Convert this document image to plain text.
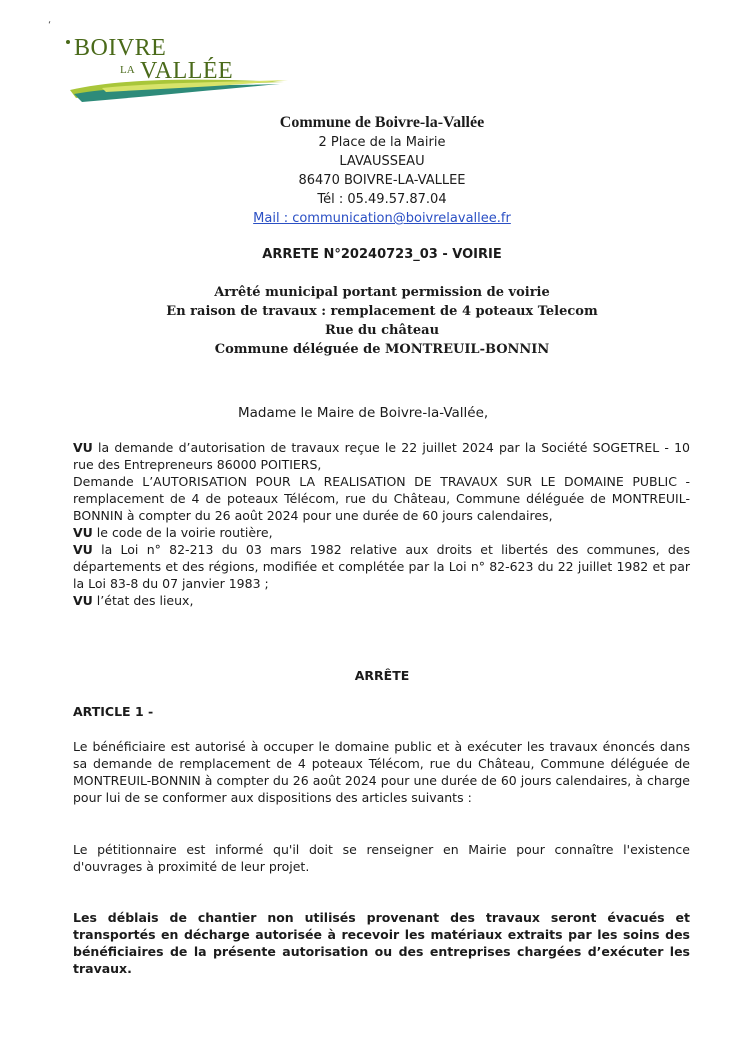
‘
BOIVRE
LA VALLÉE
Commune de Boivre-la-Vallée
2 Place de la Mairie
LAVAUSSEAU
86470 BOIVRE-LA-VALLEE
Tél : 05.49.57.87.04
Mail : communication@boivrelavallee.fr
ARRETE N°20240723_03 - VOIRIE
Arrêté municipal portant permission de voirie
En raison de travaux : remplacement de 4 poteaux Telecom
Rue du château
Commune déléguée de MONTREUIL-BONNIN
Madame le Maire de Boivre-la-Vallée,

VU la demande d’autorisation de travaux reçue le 22 juillet 2024 par la Société SOGETREL - 10 rue des Entrepreneurs 86000 POITIERS,

Demande L’AUTORISATION POUR LA REALISATION DE TRAVAUX SUR LE DOMAINE PUBLIC - remplacement de 4 de poteaux Télécom, rue du Château, Commune déléguée de MONTREUIL-BONNIN à compter du 26 août 2024 pour une durée de 60 jours calendaires,

VU le code de la voirie routière,

VU la Loi n° 82-213 du 03 mars 1982 relative aux droits et libertés des communes, des départements et des régions, modifiée et complétée par la Loi n° 82-623 du 22 juillet 1982 et par la Loi 83-8 du 07 janvier 1983 ;

VU l’état des lieux,

ARRÊTE
ARTICLE 1 -

Le bénéficiaire est autorisé à occuper le domaine public et à exécuter les travaux énoncés dans sa demande de remplacement de 4 poteaux Télécom, rue du Château, Commune déléguée de MONTREUIL-BONNIN à compter du 26 août 2024 pour une durée de 60 jours calendaires, à charge pour lui de se conformer aux dispositions des articles suivants :

Le pétitionnaire est informé qu'il doit se renseigner en Mairie pour connaître l'existence d'ouvrages à proximité de leur projet.

Les déblais de chantier non utilisés provenant des travaux seront évacués et transportés en décharge autorisée à recevoir les matériaux extraits par les soins des bénéficiaires de la présente autorisation ou des entreprises chargées d’exécuter les travaux.
